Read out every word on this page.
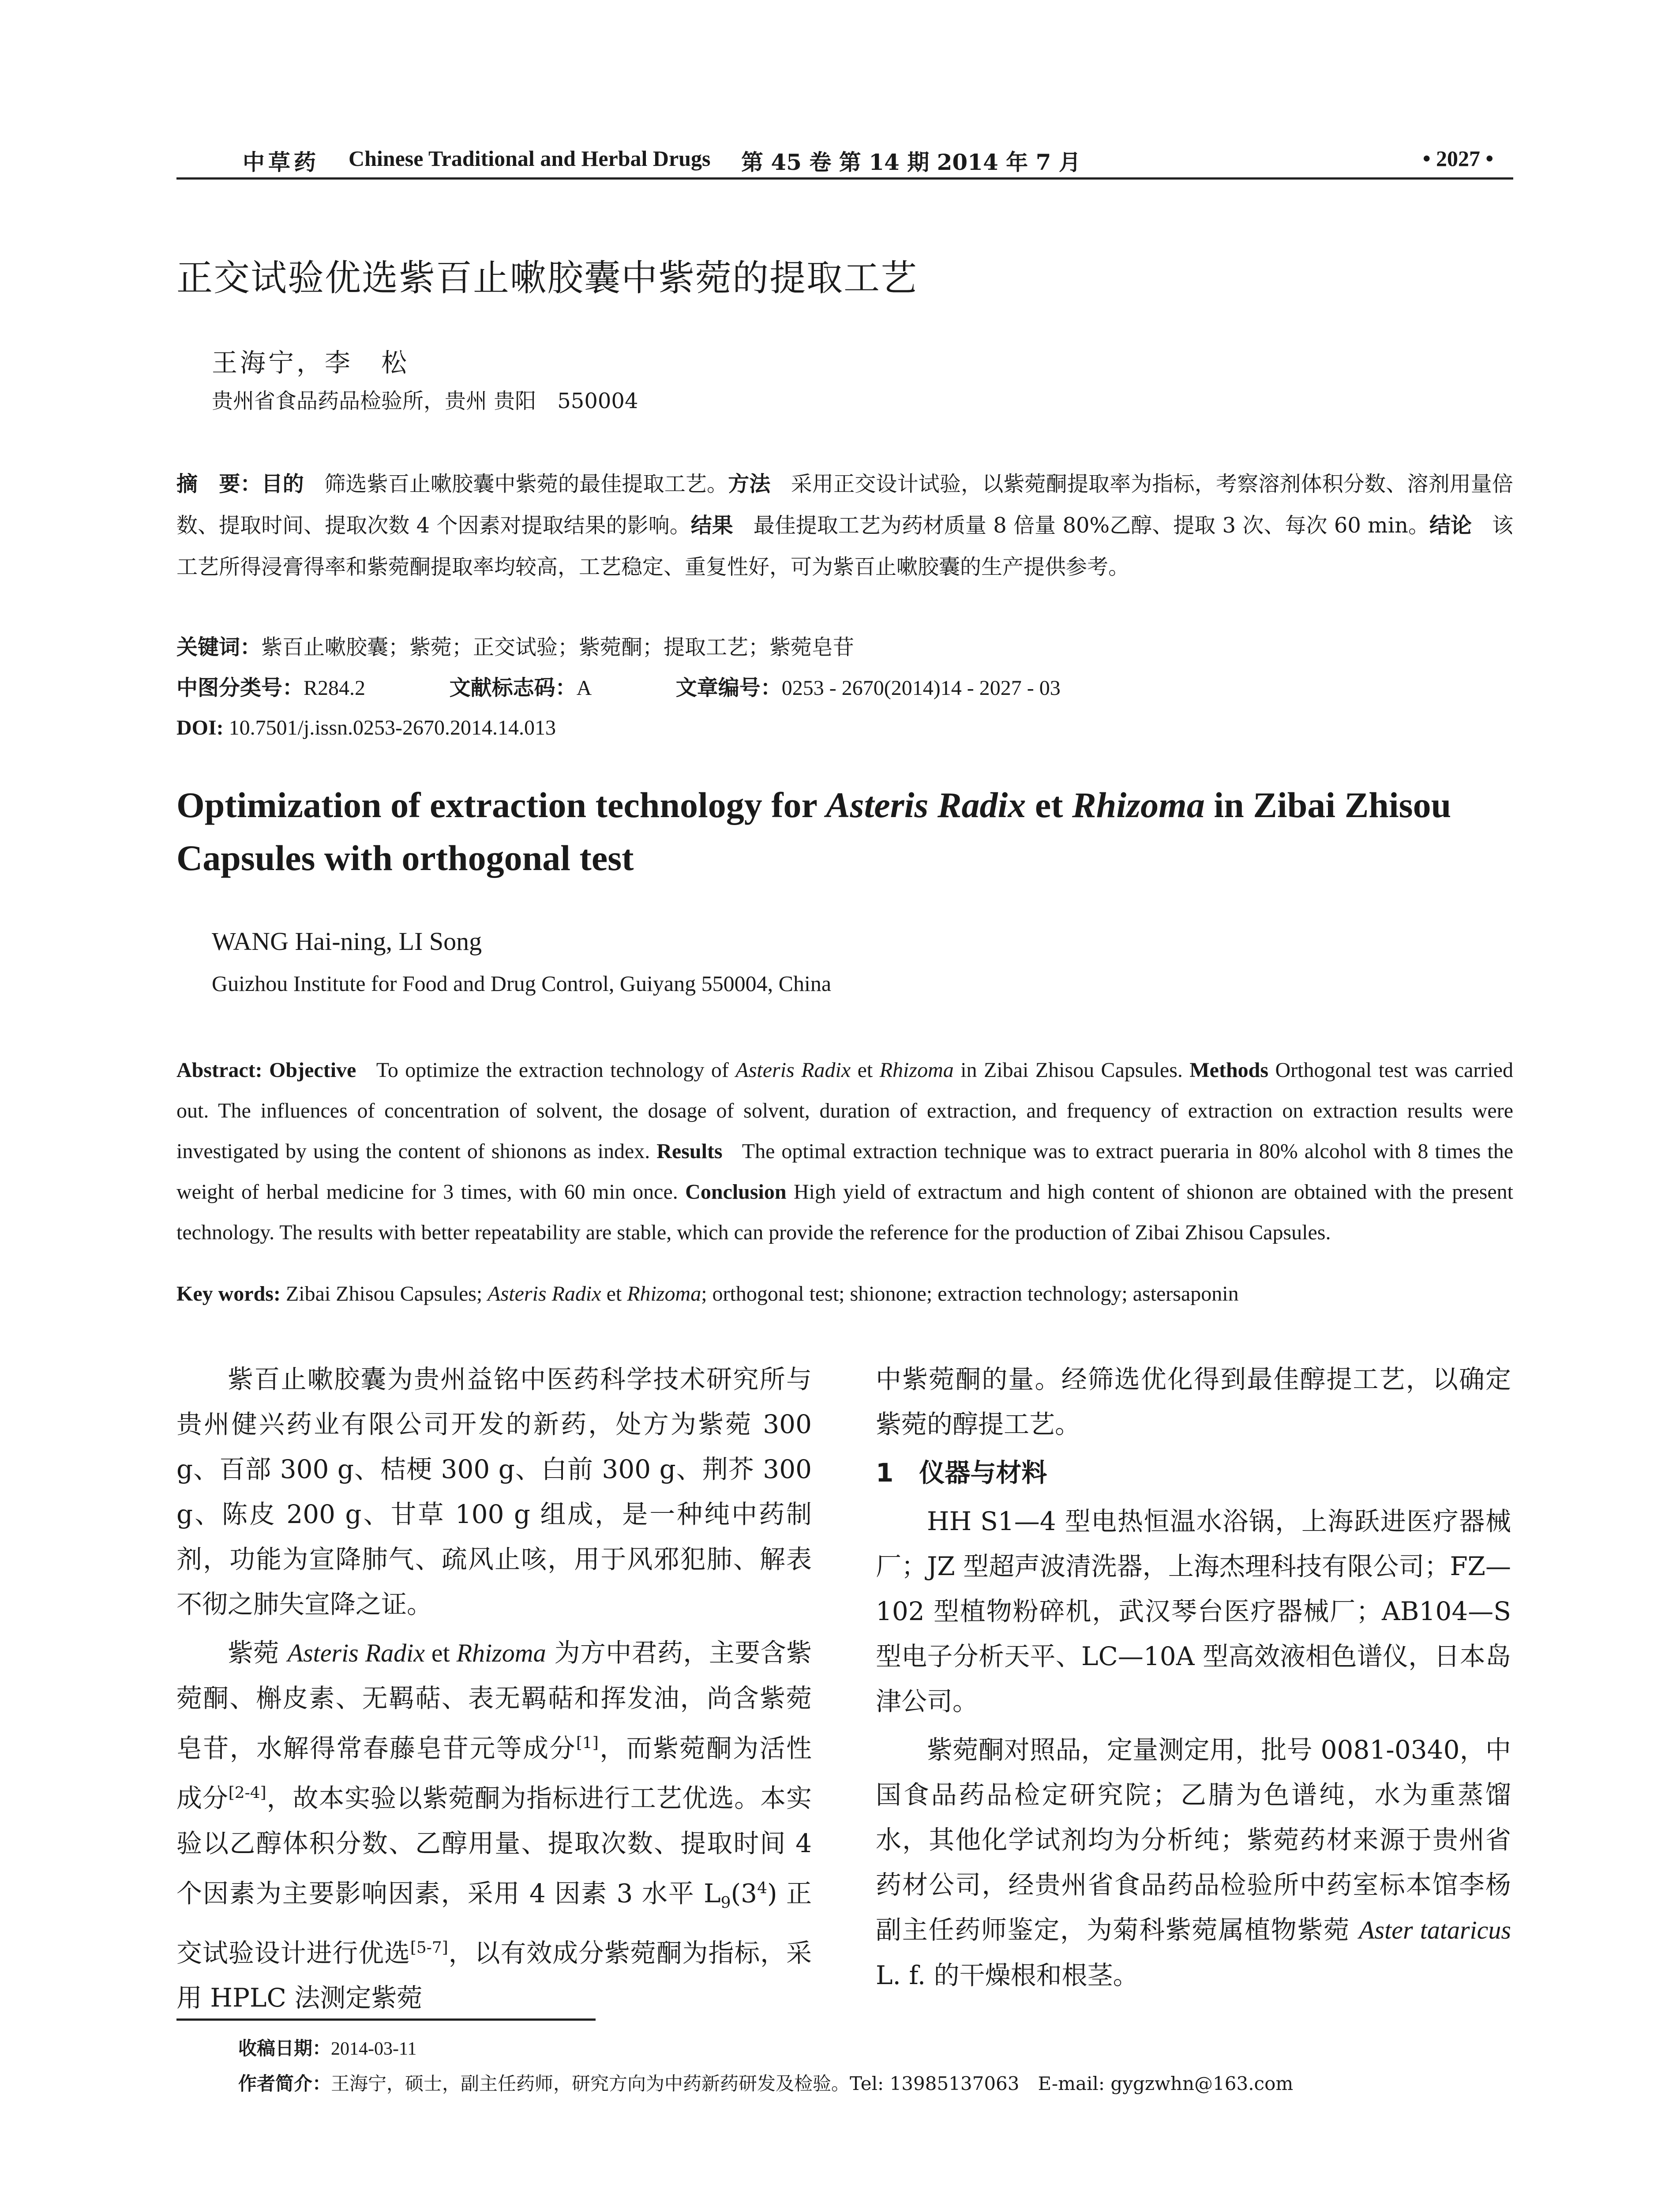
中草药 Chinese Traditional and Herbal Drugs 第 45 卷 第 14 期 2014 年 7 月	• 2027 •
正交试验优选紫百止嗽胶囊中紫菀的提取工艺
王海宁，李　松
贵州省食品药品检验所，贵州 贵阳　550004
摘　要：目的 筛选紫百止嗽胶囊中紫菀的最佳提取工艺。方法 采用正交设计试验，以紫菀酮提取率为指标，考察溶剂体积分数、溶剂用量倍数、提取时间、提取次数 4 个因素对提取结果的影响。结果 最佳提取工艺为药材质量 8 倍量 80%乙醇、提取 3 次、每次 60 min。结论 该工艺所得浸膏得率和紫菀酮提取率均较高，工艺稳定、重复性好，可为紫百止嗽胶囊的生产提供参考。
关键词：紫百止嗽胶囊；紫菀；正交试验；紫菀酮；提取工艺；紫菀皂苷
中图分类号：R284.2	文献标志码：A	文章编号：0253 - 2670(2014)14 - 2027 - 03
DOI: 10.7501/j.issn.0253-2670.2014.14.013
Optimization of extraction technology for Asteris Radix et Rhizoma in Zibai Zhisou Capsules with orthogonal test
WANG Hai-ning, LI Song
Guizhou Institute for Food and Drug Control, Guiyang 550004, China
Abstract: Objective To optimize the extraction technology of Asteris Radix et Rhizoma in Zibai Zhisou Capsules. Methods Orthogonal test was carried out. The influences of concentration of solvent, the dosage of solvent, duration of extraction, and frequency of extraction on extraction results were investigated by using the content of shionons as index. Results The optimal extraction technique was to extract pueraria in 80% alcohol with 8 times the weight of herbal medicine for 3 times, with 60 min once. Conclusion High yield of extractum and high content of shionon are obtained with the present technology. The results with better repeatability are stable, which can provide the reference for the production of Zibai Zhisou Capsules.
Key words: Zibai Zhisou Capsules; Asteris Radix et Rhizoma; orthogonal test; shionone; extraction technology; astersaponin

紫百止嗽胶囊为贵州益铭中医药科学技术研究所与贵州健兴药业有限公司开发的新药，处方为紫菀 300 g、百部 300 g、桔梗 300 g、白前 300 g、荆芥 300 g、陈皮 200 g、甘草 100 g 组成，是一种纯中药制剂，功能为宣降肺气、疏风止咳，用于风邪犯肺、解表不彻之肺失宣降之证。

紫菀 Asteris Radix et Rhizoma 为方中君药，主要含紫菀酮、槲皮素、无羁萜、表无羁萜和挥发油，尚含紫菀皂苷，水解得常春藤皂苷元等成分[1]，而紫菀酮为活性成分[2-4]，故本实验以紫菀酮为指标进行工艺优选。本实验以乙醇体积分数、乙醇用量、提取次数、提取时间 4 个因素为主要影响因素，采用 4 因素 3 水平 $L_9(3^4)$ 正交试验设计进行优选[5-7]，以有效成分紫菀酮为指标，采用 HPLC 法测定紫菀

中紫菀酮的量。经筛选优化得到最佳醇提工艺，以确定紫菀的醇提工艺。

1　仪器与材料

HH S1—4 型电热恒温水浴锅，上海跃进医疗器械厂；JZ 型超声波清洗器，上海杰理科技有限公司；FZ—102 型植物粉碎机，武汉琴台医疗器械厂；AB104—S 型电子分析天平、LC—10A 型高效液相色谱仪，日本岛津公司。

紫菀酮对照品，定量测定用，批号 0081-0340，中国食品药品检定研究院；乙腈为色谱纯，水为重蒸馏水，其他化学试剂均为分析纯；紫菀药材来源于贵州省药材公司，经贵州省食品药品检验所中药室标本馆李杨副主任药师鉴定，为菊科紫菀属植物紫菀 Aster tataricus L. f. 的干燥根和根茎。

收稿日期：2014-03-11
作者简介：王海宁，硕士，副主任药师，研究方向为中药新药研发及检验。Tel: 13985137063　E-mail: gygzwhn@163.com
